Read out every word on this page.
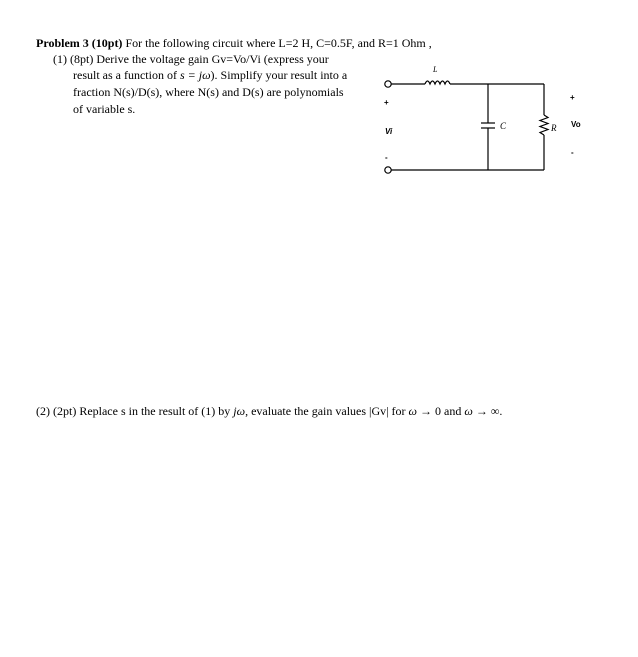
Problem 3 (10pt) For the following circuit where L=2 H, C=0.5F, and R=1 Ohm ,
(1) (8pt) Derive the voltage gain Gv=Vo/Vi (express your
result as a function of s = jω). Simplify your result into a
fraction N(s)/D(s), where N(s) and D(s) are polynomials
of variable s.
(2) (2pt) Replace s in the result of (1) by jω, evaluate the gain values |Gv| for ω → 0 and ω → ∞.
L
C	R
+
Vi
-
+
Vo
-
